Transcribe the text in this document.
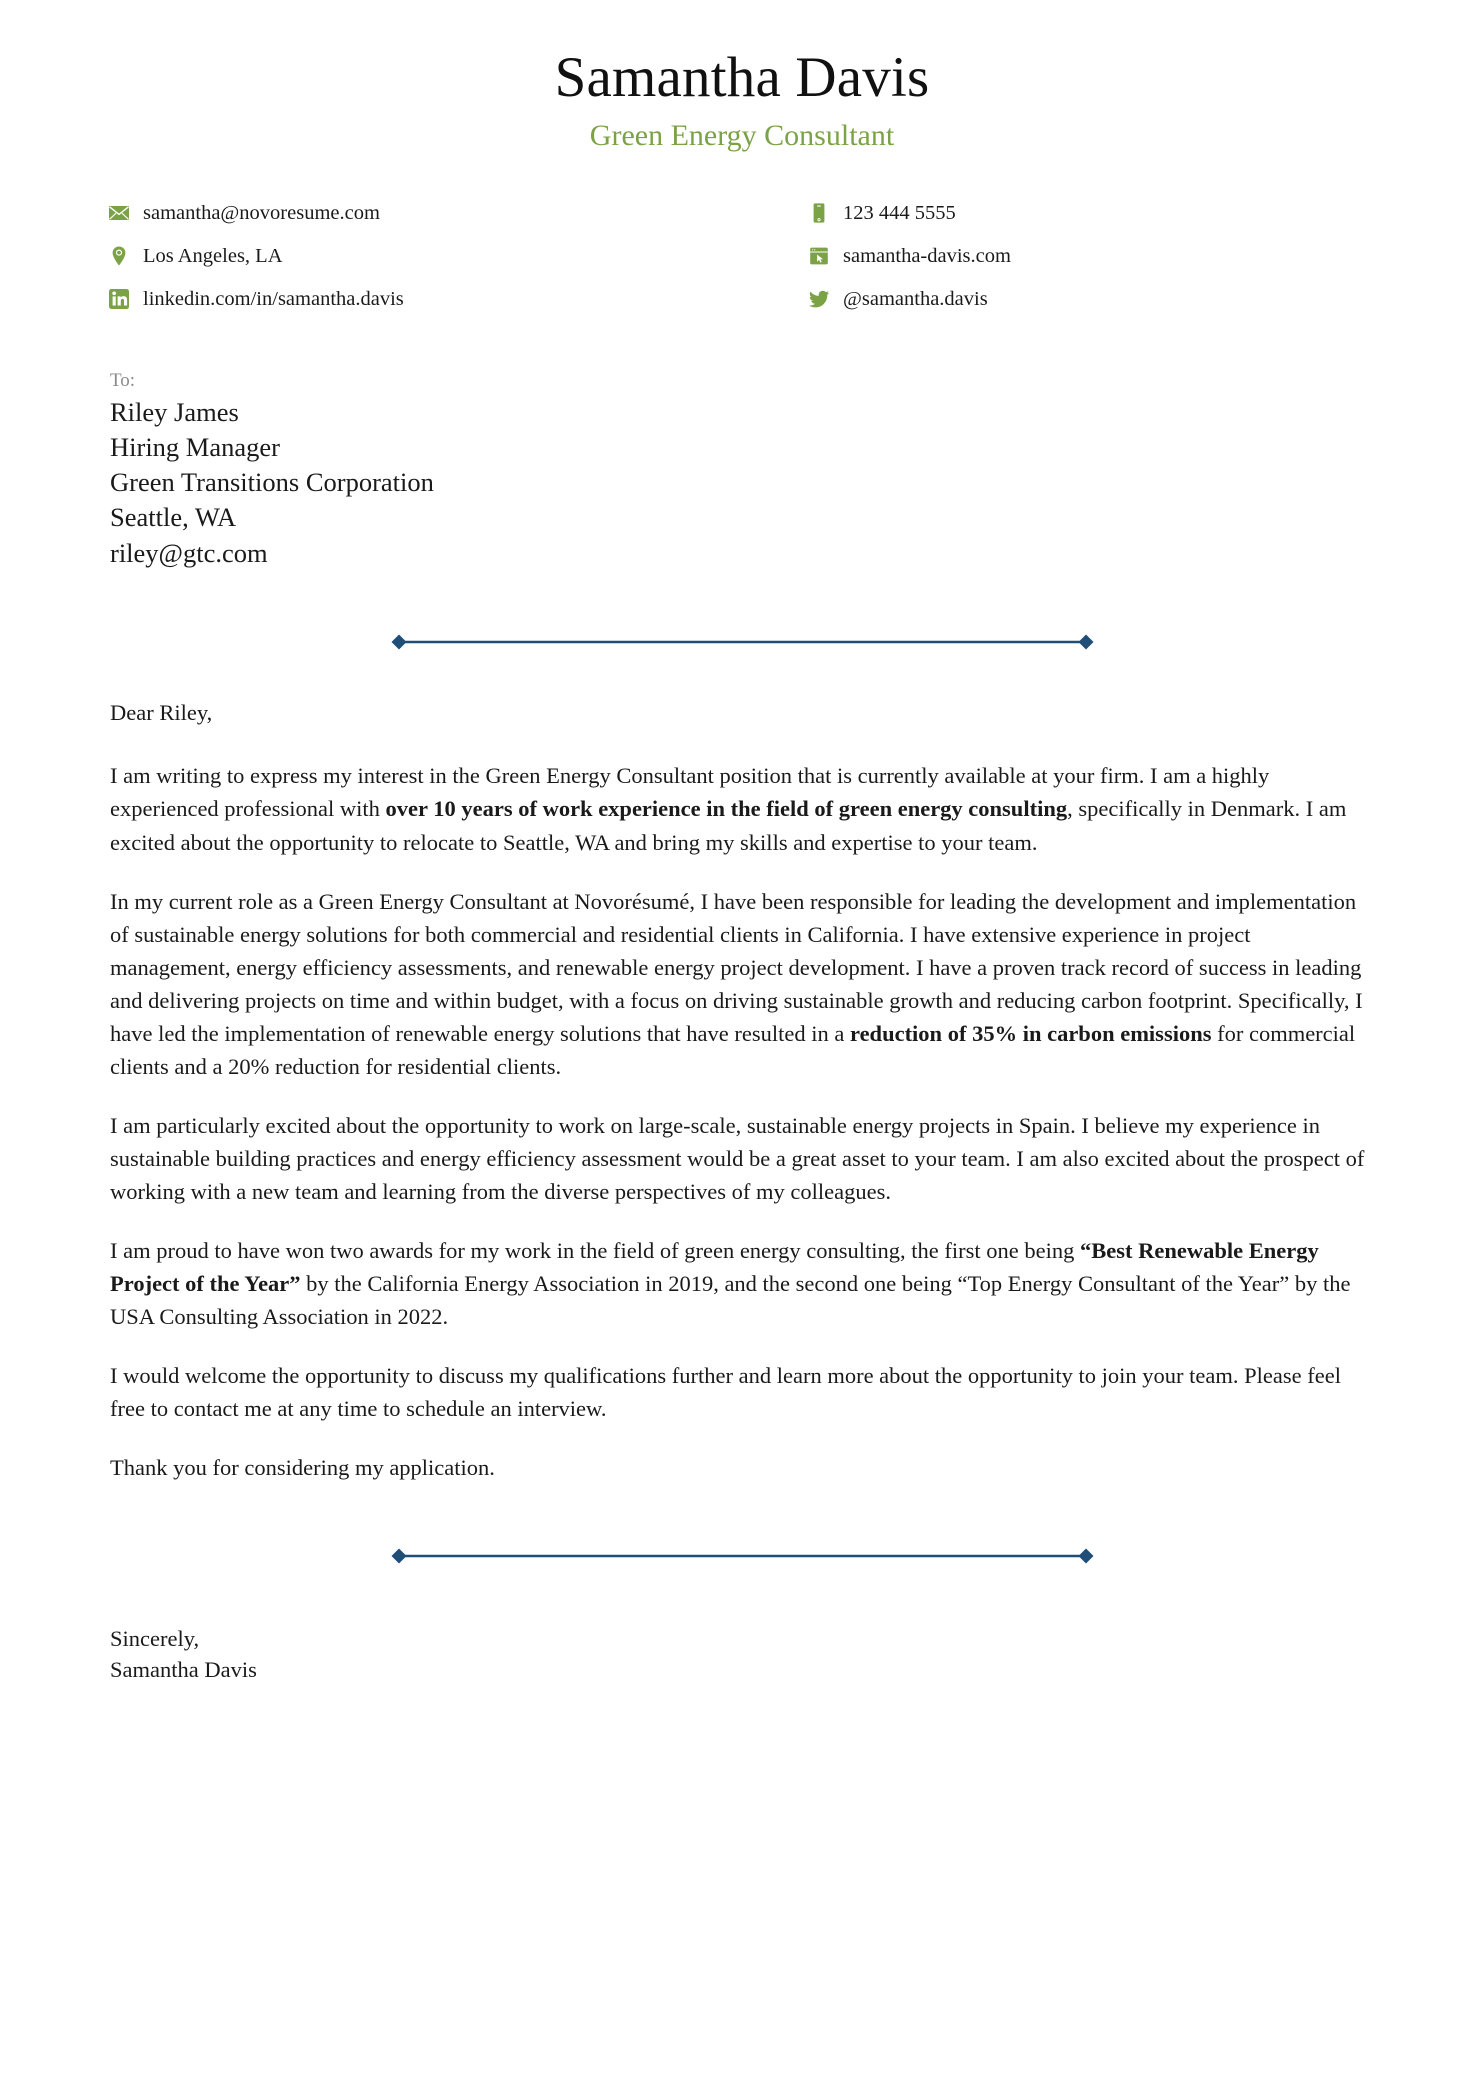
Samantha Davis
Green Energy Consultant
samantha@novoresume.com
Los Angeles, LA
linkedin.com/in/samantha.davis
123 444 5555
samantha-davis.com
@samantha.davis
To:
Riley James
Hiring Manager
Green Transitions Corporation
Seattle, WA
riley@gtc.com
Dear Riley,

I am writing to express my interest in the Green Energy Consultant position that is currently available at your firm. I am a highly experienced professional with over 10 years of work experience in the field of green energy consulting, specifically in Denmark. I am excited about the opportunity to relocate to Seattle, WA and bring my skills and expertise to your team.

In my current role as a Green Energy Consultant at Novorésumé, I have been responsible for leading the development and implementation of sustainable energy solutions for both commercial and residential clients in California. I have extensive experience in project management, energy efficiency assessments, and renewable energy project development. I have a proven track record of success in leading and delivering projects on time and within budget, with a focus on driving sustainable growth and reducing carbon footprint. Specifically, I have led the implementation of renewable energy solutions that have resulted in a reduction of 35% in carbon emissions for commercial clients and a 20% reduction for residential clients.

I am particularly excited about the opportunity to work on large-scale, sustainable energy projects in Spain. I believe my experience in sustainable building practices and energy efficiency assessment would be a great asset to your team. I am also excited about the prospect of working with a new team and learning from the diverse perspectives of my colleagues.

I am proud to have won two awards for my work in the field of green energy consulting, the first one being “Best Renewable Energy Project of the Year” by the California Energy Association in 2019, and the second one being “Top Energy Consultant of the Year” by the USA Consulting Association in 2022.

I would welcome the opportunity to discuss my qualifications further and learn more about the opportunity to join your team. Please feel free to contact me at any time to schedule an interview.

Thank you for considering my application.

Sincerely,
Samantha Davis
